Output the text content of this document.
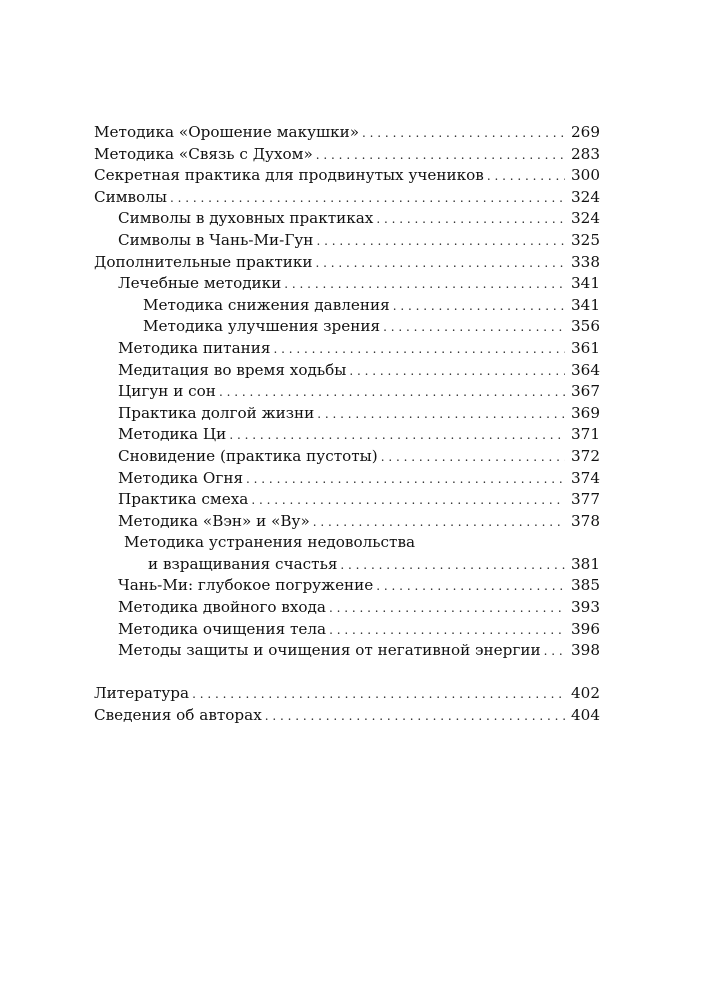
Методика «Орошение макушки» . . .	269
Методика «Связь с Духом» . . .	283
Секретная практика для продвинутых учеников . . .	300
Символы . . .	324
Символы в духовных практиках . . .	324
Символы в Чань-Ми-Гун . . .	325
Дополнительные практики . . .	338
Лечебные методики . . .	341
Методика снижения давления . . .	341
Методика улучшения зрения . . .	356
Методика питания . . .	361
Медитация во время ходьбы . . .	364
Цигун и сон . . .	367
Практика долгой жизни . . .	369
Методика Ци . . .	371
Сновидение (практика пустоты) . . .	372
Методика Огня . . .	374
Практика смеха . . .	377
Методика «Вэн» и «Ву» . . .	378
Методика устранения недовольства
и взращивания счастья . . .	381
Чань-Ми: глубокое погружение . . .	385
Методика двойного входа . . .	393
Методика очищения тела . . .	396
Методы защиты и очищения от негативной энергии . . . 398
Литература . . .	402
Сведения об авторах . . .	404
